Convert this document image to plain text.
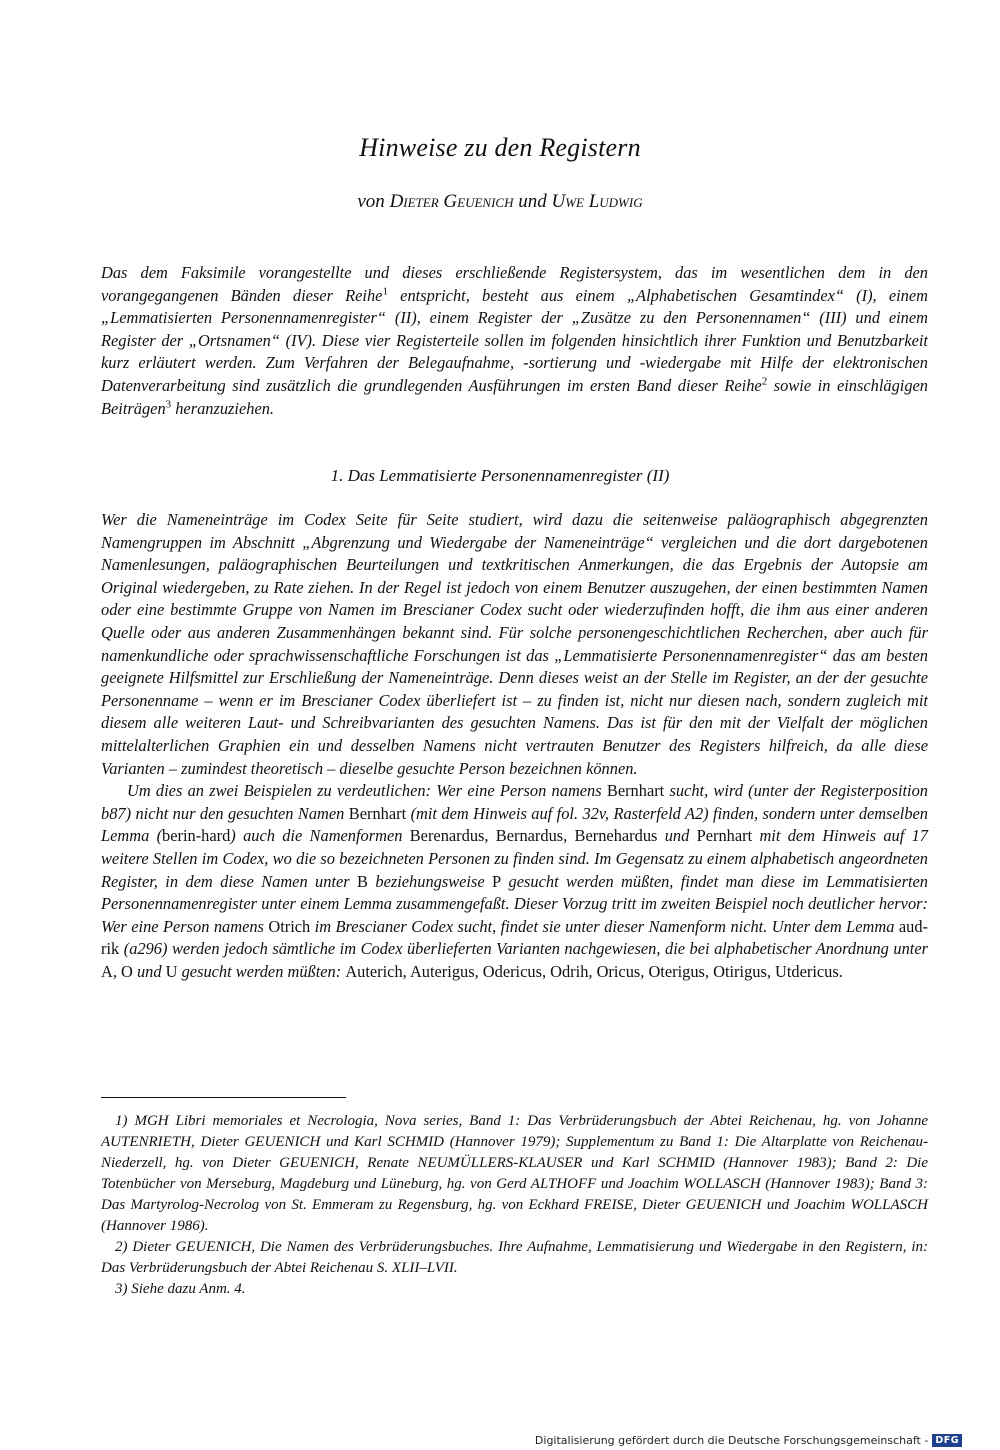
Hinweise zu den Registern
von Dieter Geuenich und Uwe Ludwig

Das dem Faksimile vorangestellte und dieses erschließende Registersystem, das im wesentlichen dem in den vorangegangenen Bänden dieser Reihe$^1$ entspricht, besteht aus einem „Alphabetischen Gesamtindex“ (I), einem „Lemmatisierten Personennamenregister“ (II), einem Register der „Zusätze zu den Personennamen“ (III) und einem Register der „Ortsnamen“ (IV). Diese vier Registerteile sollen im folgenden hinsichtlich ihrer Funktion und Benutzbarkeit kurz erläutert werden. Zum Verfahren der Belegaufnahme, -sortierung und -wiedergabe mit Hilfe der elektronischen Datenverarbeitung sind zusätzlich die grundlegenden Ausführungen im ersten Band dieser Reihe$^2$ sowie in einschlägigen Beiträgen$^3$ heranzuziehen.

1. Das Lemmatisierte Personennamenregister (II)

Wer die Nameneinträge im Codex Seite für Seite studiert, wird dazu die seitenweise paläographisch abgegrenzten Namengruppen im Abschnitt „Abgrenzung und Wiedergabe der Nameneinträge“ vergleichen und die dort dargebotenen Namenlesungen, paläographischen Beurteilungen und textkritischen Anmerkungen, die das Ergebnis der Autopsie am Original wiedergeben, zu Rate ziehen. In der Regel ist jedoch von einem Benutzer auszugehen, der einen bestimmten Namen oder eine bestimmte Gruppe von Namen im Brescianer Codex sucht oder wiederzufinden hofft, die ihm aus einer anderen Quelle oder aus anderen Zusammenhängen bekannt sind. Für solche personengeschichtlichen Recherchen, aber auch für namenkundliche oder sprachwissenschaftliche Forschungen ist das „Lemmatisierte Personennamenregister“ das am besten geeignete Hilfsmittel zur Erschließung der Nameneinträge. Denn dieses weist an der Stelle im Register, an der der gesuchte Personenname – wenn er im Brescianer Codex überliefert ist – zu finden ist, nicht nur diesen nach, sondern zugleich mit diesem alle weiteren Laut- und Schreibvarianten des gesuchten Namens. Das ist für den mit der Vielfalt der möglichen mittelalterlichen Graphien ein und desselben Namens nicht vertrauten Benutzer des Registers hilfreich, da alle diese Varianten – zumindest theoretisch – dieselbe gesuchte Person bezeichnen können.

Um dies an zwei Beispielen zu verdeutlichen: Wer eine Person namens Bernhart sucht, wird (unter der Registerposition b87) nicht nur den gesuchten Namen Bernhart (mit dem Hinweis auf fol. 32v, Rasterfeld A2) finden, sondern unter demselben Lemma (berin-hard) auch die Namenformen Berenardus, Bernardus, Bernehardus und Pernhart mit dem Hinweis auf 17 weitere Stellen im Codex, wo die so bezeichneten Personen zu finden sind. Im Gegensatz zu einem alphabetisch angeordneten Register, in dem diese Namen unter B beziehungsweise P gesucht werden müßten, findet man diese im Lemmatisierten Personennamenregister unter einem Lemma zusammengefaßt. Dieser Vorzug tritt im zweiten Beispiel noch deutlicher hervor: Wer eine Person namens Otrich im Brescianer Codex sucht, findet sie unter dieser Namenform nicht. Unter dem Lemma aud-rik (a296) werden jedoch sämtliche im Codex überlieferten Varianten nachgewiesen, die bei alphabetischer Anordnung unter A, O und U gesucht werden müßten: Auterich, Auterigus, Odericus, Odrih, Oricus, Oterigus, Otirigus, Utdericus.

1) MGH Libri memoriales et Necrologia, Nova series, Band 1: Das Verbrüderungsbuch der Abtei Reichenau, hg. von Johanne AUTENRIETH, Dieter GEUENICH und Karl SCHMID (Hannover 1979); Supplementum zu Band 1: Die Altarplatte von Reichenau-Niederzell, hg. von Dieter GEUENICH, Renate NEUMÜLLERS-KLAUSER und Karl SCHMID (Hannover 1983); Band 2: Die Totenbücher von Merseburg, Magdeburg und Lüneburg, hg. von Gerd ALTHOFF und Joachim WOLLASCH (Hannover 1983); Band 3: Das Martyrolog-Necrolog von St. Emmeram zu Regensburg, hg. von Eckhard FREISE, Dieter GEUENICH und Joachim WOLLASCH (Hannover 1986).

2) Dieter GEUENICH, Die Namen des Verbrüderungsbuches. Ihre Aufnahme, Lemmatisierung und Wiedergabe in den Registern, in: Das Verbrüderungsbuch der Abtei Reichenau S. XLII–LVII.

3) Siehe dazu Anm. 4.

Digitalisierung gefördert durch die Deutsche Forschungsgemeinschaft - DFG
